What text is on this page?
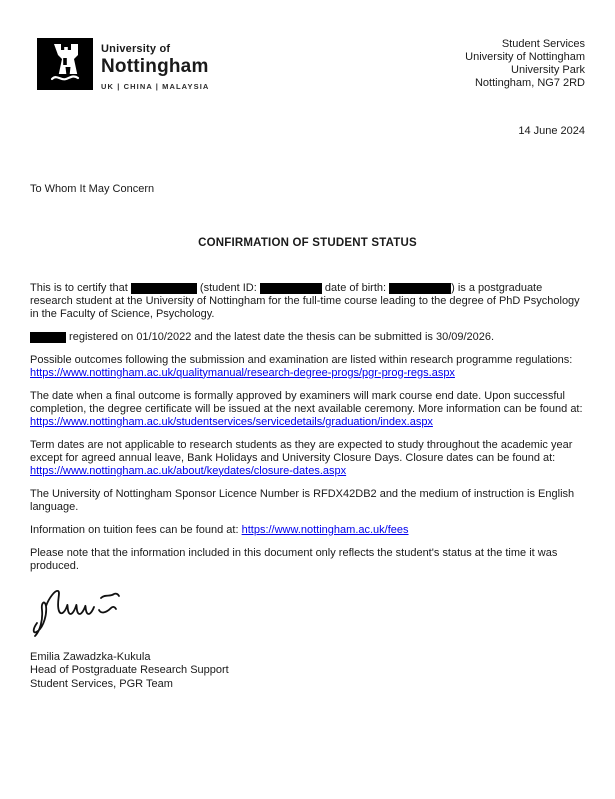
University of
Nottingham
UK | CHINA | MALAYSIA
Student Services
University of Nottingham
University Park
Nottingham, NG7 2RD
14 June 2024
To Whom It May Concern
CONFIRMATION OF STUDENT STATUS
This is to certify that	(student ID:	date of birth:	) is a postgraduate research student at the University of Nottingham for the full-time course leading to the degree of PhD Psychology in the Faculty of Science, Psychology.
registered on 01/10/2022 and the latest date the thesis can be submitted is 30/09/2026.
Possible outcomes following the submission and examination are listed within research programme regulations:
https://www.nottingham.ac.uk/qualitymanual/research-degree-progs/pgr-prog-regs.aspx
The date when a final outcome is formally approved by examiners will mark course end date. Upon successful completion, the degree certificate will be issued at the next available ceremony. More information can be found at:
https://www.nottingham.ac.uk/studentservices/servicedetails/graduation/index.aspx
Term dates are not applicable to research students as they are expected to study throughout the academic year except for agreed annual leave, Bank Holidays and University Closure Days. Closure dates can be found at:
https://www.nottingham.ac.uk/about/keydates/closure-dates.aspx
The University of Nottingham Sponsor Licence Number is RFDX42DB2 and the medium of instruction is English language.
Information on tuition fees can be found at: https://www.nottingham.ac.uk/fees
Please note that the information included in this document only reflects the student's status at the time it was produced.
Emilia Zawadzka-Kukula
Head of Postgraduate Research Support
Student Services, PGR Team
